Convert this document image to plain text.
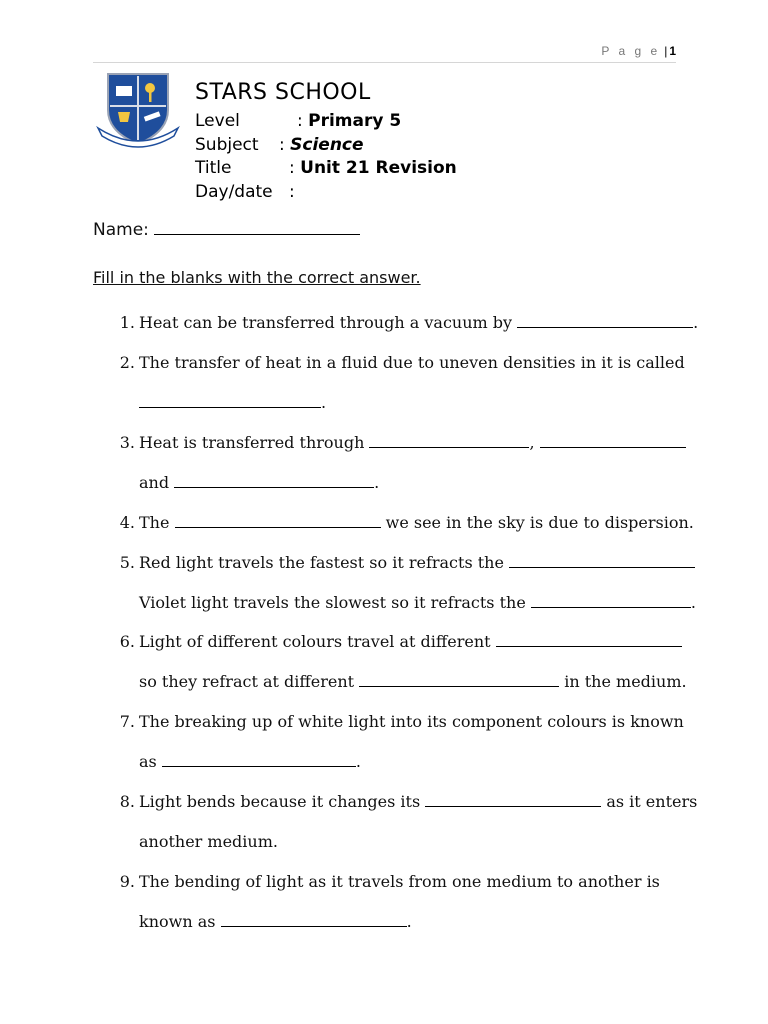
P a g e | 1
STARS SCHOOL
Level	: Primary 5
Subject : Science
Title	: Unit 21 Revision
Day/date :
Name:
Fill in the blanks with the correct answer.
1. Heat can be transferred through a vacuum by	.
2. The transfer of heat in a fluid due to uneven densities in it is called
.
3. Heat is transferred through	,
and	.
4. The	we see in the sky is due to dispersion.
5. Red light travels the fastest so it refracts the
Violet light travels the slowest so it refracts the	.
6. Light of different colours travel at different
so they refract at different	in the medium.
7. The breaking up of white light into its component colours is known
as	.
8. Light bends because it changes its	as it enters
another medium.
9. The bending of light as it travels from one medium to another is
known as	.
